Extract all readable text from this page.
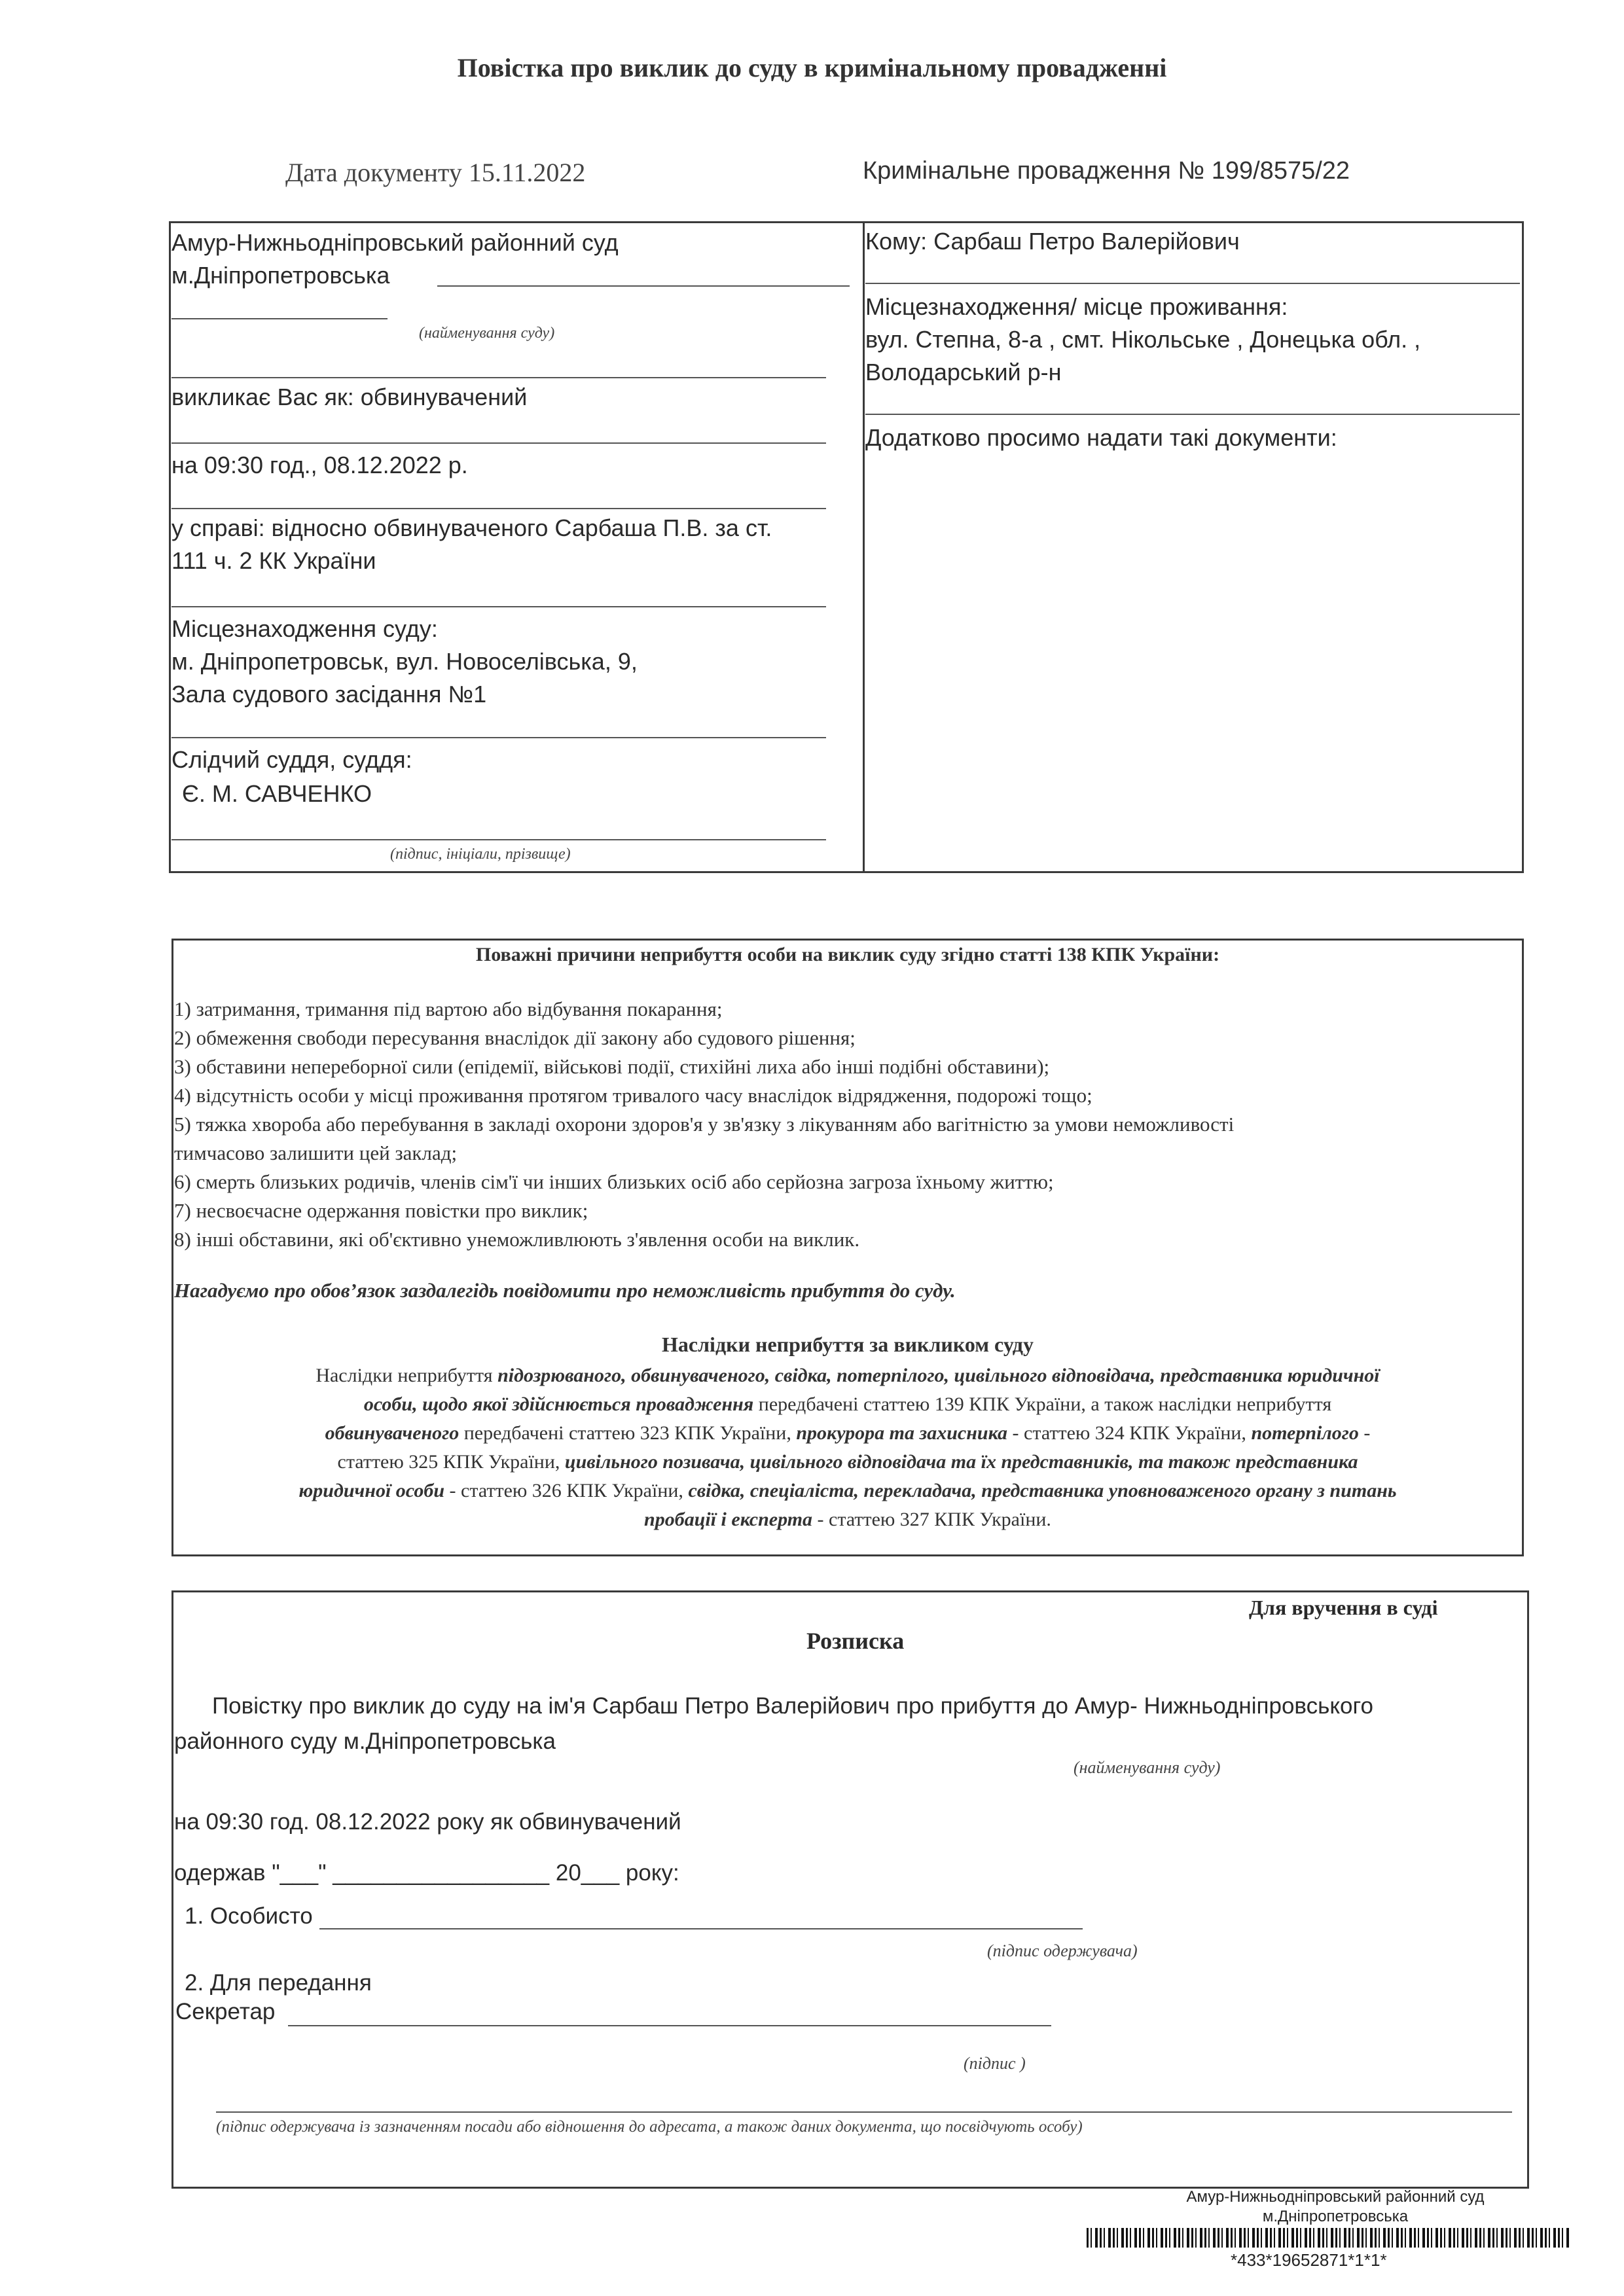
Повістка про виклик до суду в кримінальному провадженні
Дата документу 15.11.2022	Кримінальне провадження № 199/8575/22
Амур-Нижньодніпровський районний суд
м.Дніпропетровська
(найменування суду)
викликає Вас як: обвинувачений
на 09:30 год., 08.12.2022 р.
у справі: відносно обвинуваченого Сарбаша П.В. за ст.
111 ч. 2 КК України
Місцезнаходження суду:
м. Дніпропетровськ, вул. Новоселівська, 9,
Зала судового засідання №1
Слідчий суддя, суддя:
Є. М. САВЧЕНКО
(підпис, ініціали, прізвище)
Кому: Сарбаш Петро Валерійович
Місцезнаходження/ місце проживання:
вул. Степна, 8-а , смт. Нікольське , Донецька обл. ,
Володарський р-н
Додатково просимо надати такі документи:
Поважні причини неприбуття особи на виклик суду згідно статті 138 КПК України:
1) затримання, тримання під вартою або відбування покарання;
2) обмеження свободи пересування внаслідок дії закону або судового рішення;
3) обставини непереборної сили (епідемії, військові події, стихійні лиха або інші подібні обставини);
4) відсутність особи у місці проживання протягом тривалого часу внаслідок відрядження, подорожі тощо;
5) тяжка хвороба або перебування в закладі охорони здоров'я у зв'язку з лікуванням або вагітністю за умови неможливості
тимчасово залишити цей заклад;
6) смерть близьких родичів, членів сім'ї чи інших близьких осіб або серйозна загроза їхньому життю;
7) несвоєчасне одержання повістки про виклик;
8) інші обставини, які об'єктивно унеможливлюють з'явлення особи на виклик.
Нагадуємо про обов’язок заздалегідь повідомити про неможливість прибуття до суду.
Наслідки неприбуття за викликом суду
Наслідки неприбуття підозрюваного, обвинуваченого, свідка, потерпілого, цивільного відповідача, представника юридичної
особи, щодо якої здійснюється провадження передбачені статтею 139 КПК України, а також наслідки неприбуття
обвинуваченого передбачені статтею 323 КПК України, прокурора та захисника - статтею 324 КПК України, потерпілого -
статтею 325 КПК України, цивільного позивача, цивільного відповідача та їх представників, та також представника
юридичної особи - статтею 326 КПК України, свідка, спеціаліста, перекладача, представника уповноваженого органу з питань
пробації і експерта - статтею 327 КПК України.
Для вручення в суді
Розписка
Повістку про виклик до суду на ім'я Сарбаш Петро Валерійович про прибуття до Амур- Нижньодніпровського
районного суду м.Дніпропетровська
(найменування суду)
на 09:30 год. 08.12.2022 року як обвинувачений
одержав "___" _________________ 20___ року:
1. Особисто
(підпис одержувача)
2. Для передання
Секретар
(підпис )
(підпис одержувача із зазначенням посади або відношення до адресата, а також даних документа, що посвідчують особу)
Амур-Нижньодніпровський районний суд
м.Дніпропетровська
*433*19652871*1*1*
